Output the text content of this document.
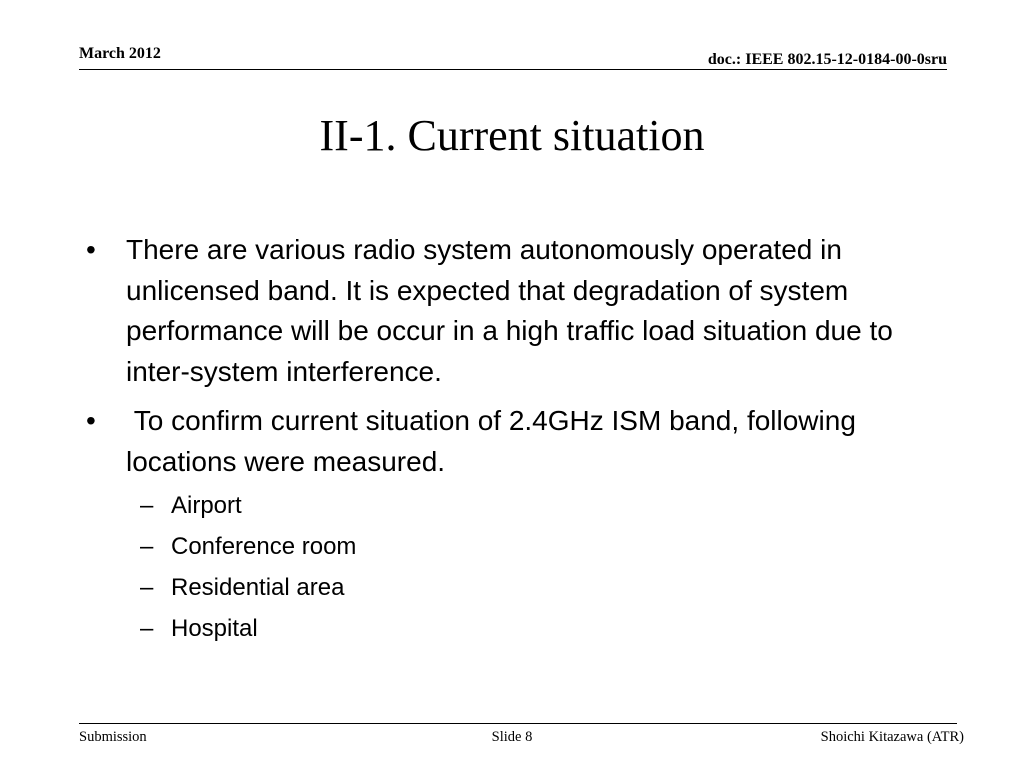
March 2012	doc.: IEEE 802.15-12-0184-00-0sru
II-1. Current situation
•	There are various radio system autonomously operated in unlicensed band. It is expected that degradation of system performance will be occur in a high traffic load situation due to inter-system interference.
•	To confirm current situation of 2.4GHz ISM band, following locations were measured.
– Airport
– Conference room
– Residential area
– Hospital
Submission	Slide 8	Shoichi Kitazawa (ATR)
